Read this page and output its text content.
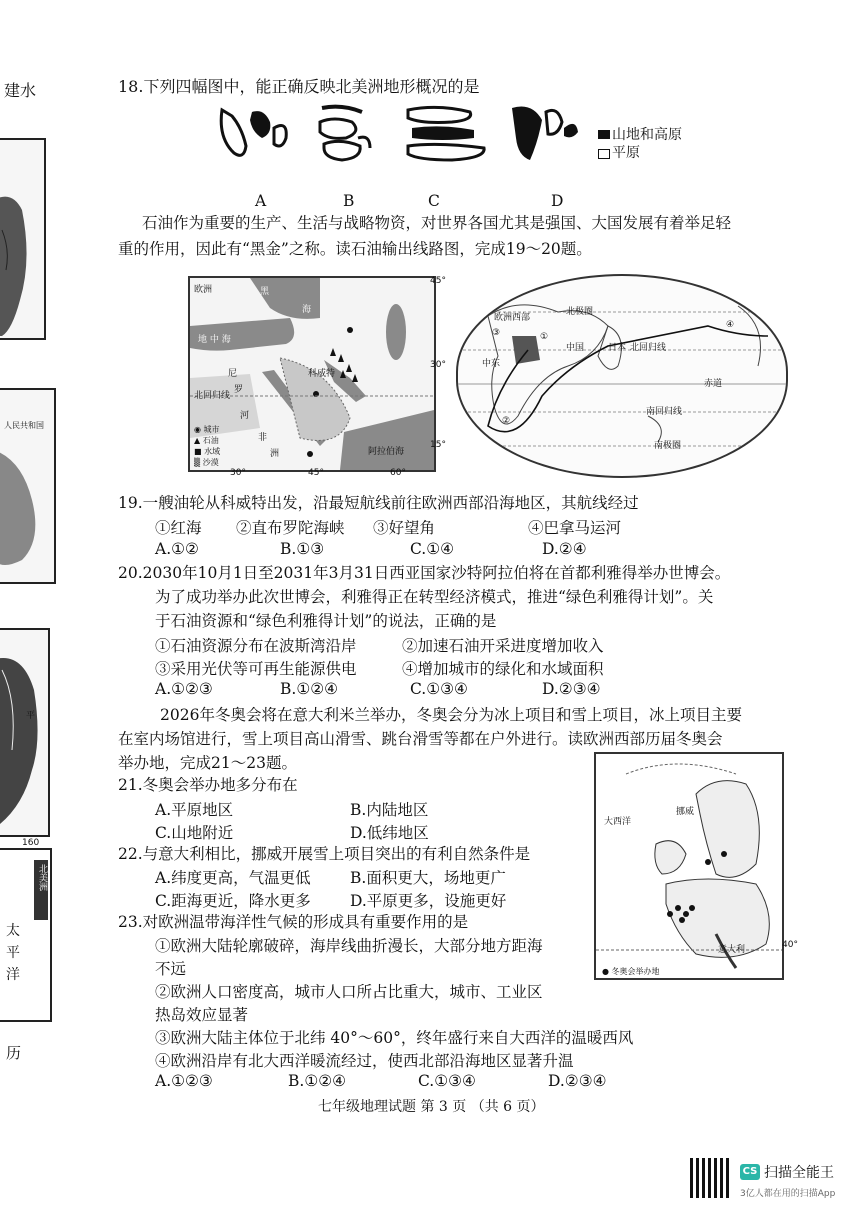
建水
人民共和国
平
160
北美洲
太
平
洋
历
18.下列四幅图中，能正确反映北美洲地形概况的是
山地和高原
平原
A	B	C	D
石油作为重要的生产、生活与战略物资，对世界各国尤其是强国、大国发展有着举足轻
重的作用，因此有“黑金”之称。读石油输出线路图，完成19～20题。
欧洲	黑
海
地 中 海
尼
罗
河
科威特
北回归线
非
洲	阿拉伯海
◉ 城市
▲ 石油
■ 水域
▒ 沙漠
45°
30°
15°
30°	45°	60°
欧洲西部
北极圈
中东
中国	日本 北回归线
赤道
南回归线
南极圈
③	①
②
④
19.一艘油轮从科威特出发，沿最短航线前往欧洲西部沿海地区，其航线经过
①红海 ②直布罗陀海峡 ③好望角	④巴拿马运河
A.①②	B.①③	C.①④	D.②④
20.2030年10月1日至2031年3月31日西亚国家沙特阿拉伯将在首都利雅得举办世博会。
为了成功举办此次世博会，利雅得正在转型经济模式，推进“绿色利雅得计划”。关
于石油资源和“绿色利雅得计划”的说法，正确的是
①石油资源分布在波斯湾沿岸	②加速石油开采进度增加收入
③采用光伏等可再生能源供电	④增加城市的绿化和水域面积
A.①②③	B.①②④	C.①③④	D.②③④
2026年冬奥会将在意大利米兰举办，冬奥会分为冰上项目和雪上项目，冰上项目主要
在室内场馆进行，雪上项目高山滑雪、跳台滑雪等都在户外进行。读欧洲西部历届冬奥会
举办地，完成21～23题。
21.冬奥会举办地多分布在
A.平原地区	B.内陆地区
C.山地附近	D.低纬地区
22.与意大利相比，挪威开展雪上项目突出的有利自然条件是
A.纬度更高，气温更低	B.面积更大，场地更广
C.距海更近，降水更多	D.平原更多，设施更好
23.对欧洲温带海洋性气候的形成具有重要作用的是
①欧洲大陆轮廓破碎，海岸线曲折漫长，大部分地方距海
不远
②欧洲人口密度高，城市人口所占比重大，城市、工业区
热岛效应显著
③欧洲大陆主体位于北纬 40°～60°，终年盛行来自大西洋的温暖西风
④欧洲沿岸有北大西洋暖流经过，使西北部沿海地区显著升温
A.①②③	B.①②④	C.①③④	D.②③④
大西洋
挪威
意大利
● 冬奥会举办地
40°
七年级地理试题 第 3 页 （共 6 页）
CS 扫描全能王
3亿人都在用的扫描App
